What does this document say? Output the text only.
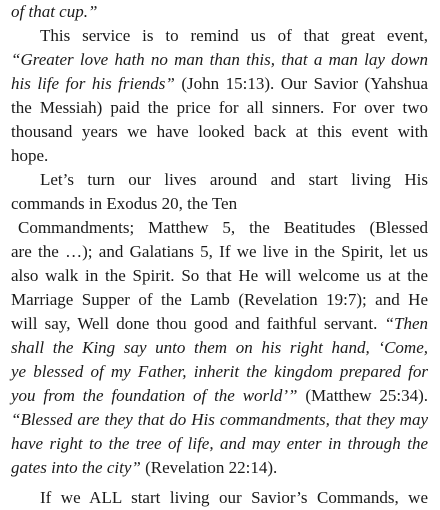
of that cup.”
This service is to remind us of that great event,
“Greater love hath no man than this, that a man lay down
his life for his friends” (John 15:13). Our Savior (Yahshua
the Messiah) paid the price for all sinners. For over two
thousand years we have looked back at this event with
hope.
Let’s turn our lives around and start living His
commands in Exodus 20, the Ten
Commandments; Matthew 5, the Beatitudes (Blessed
are the …); and Galatians 5, If we live in the Spirit, let us
also walk in the Spirit. So that He will welcome us at the
Marriage Supper of the Lamb (Revelation 19:7); and He
will say, Well done thou good and faithful servant. “Then
shall the King say unto them on his right hand, ‘Come,
ye blessed of my Father, inherit the kingdom prepared for
you from the foundation of the world’” (Matthew 25:34).
“Blessed are they that do His commandments, that they may
have right to the tree of life, and may enter in through the
gates into the city” (Revelation 22:14).
If we ALL start living our Savior’s Commands, we
